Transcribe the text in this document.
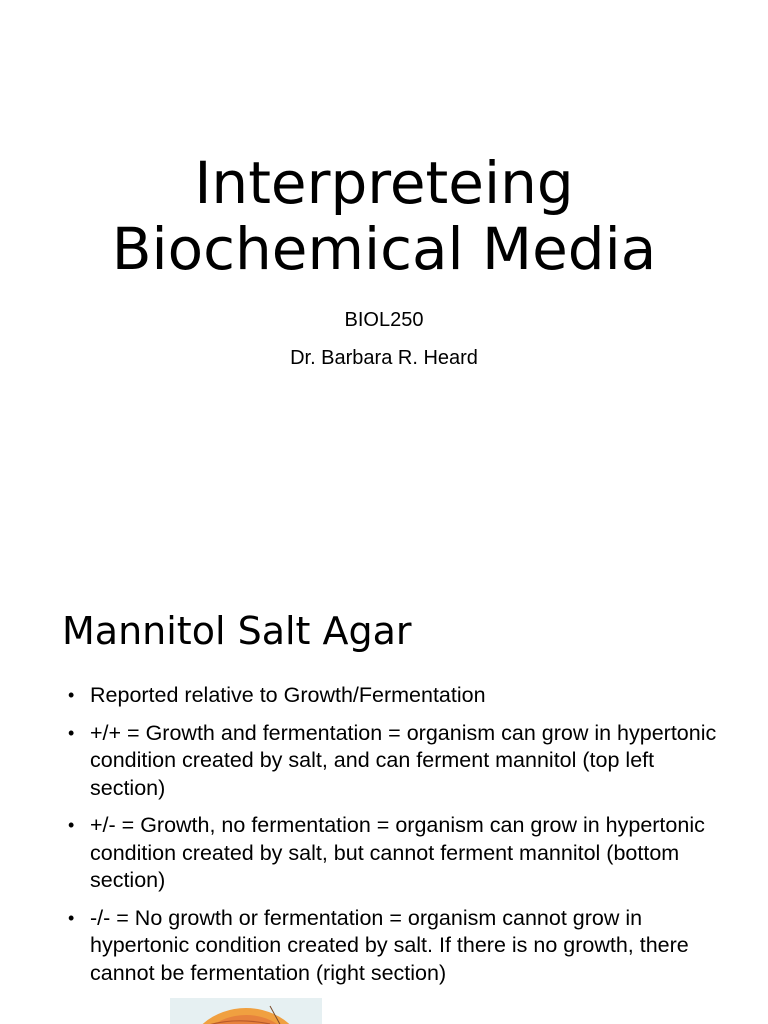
Interpreteing
Biochemical Media
BIOL250
Dr. Barbara R. Heard
Mannitol Salt Agar
• Reported relative to Growth/Fermentation
• +/+ = Growth and fermentation = organism can grow in hypertonic condition created by salt, and can ferment mannitol (top left section)
• +/- = Growth, no fermentation = organism can grow in hypertonic condition created by salt, but cannot ferment mannitol (bottom section)
• -/- = No growth or fermentation = organism cannot grow in hypertonic condition created by salt. If there is no growth, there cannot be fermentation (right section)
